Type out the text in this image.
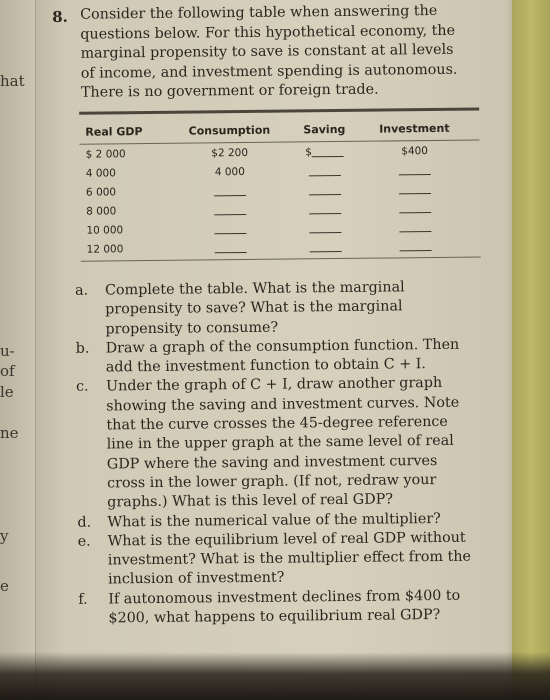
hat
u-
of
le
ne
y
e
8. Consider the following table when answering the questions below. For this hypothetical economy, the marginal propensity to save is constant at all levels of income, and investment spending is autonomous. There is no government or foreign trade.
Real GDP	Consumption	Saving	Investment
$ 2 000	$2 200	$	$400
4 000	4 000
6 000
8 000
10 000
12 000
a.	Complete the table. What is the marginal propensity to save? What is the marginal propensity to consume?
b.	Draw a graph of the consumption function. Then add the investment function to obtain C + I.
c.	Under the graph of C + I, draw another graph showing the saving and investment curves. Note that the curve crosses the 45-degree reference line in the upper graph at the same level of real GDP where the saving and investment curves cross in the lower graph. (If not, redraw your graphs.) What is this level of real GDP?
d.	What is the numerical value of the multiplier?
e.	What is the equilibrium level of real GDP without investment? What is the multiplier effect from the inclusion of investment?
f.	If autonomous investment declines from $400 to $200, what happens to equilibrium real GDP?
